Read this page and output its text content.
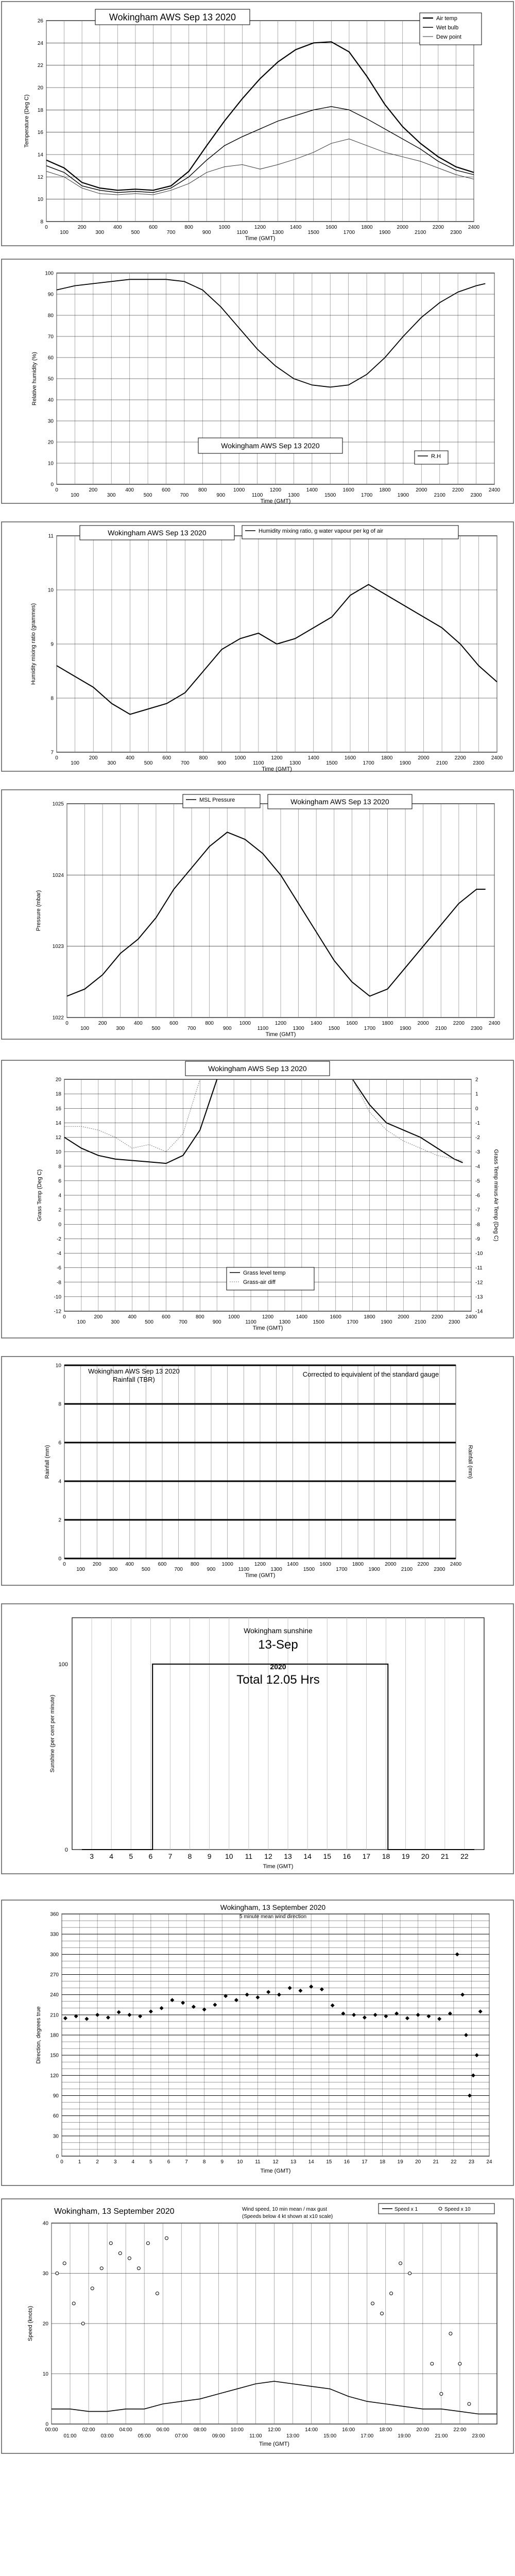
0
100
200
300
400
500
600
700
800
900
1000
1100
1200
1300
1400
1500
1600
1700
1800
1900
2000
2100
2200
2300
2400
8
10
12
14
16
18
20
22
24
26	Wokingham AWS Sep 13 2020	Air temp
Wet bulb
Dew point
Time (GMT)
Temperature (Deg C)
0
100
200
300
400
500
600
700
800
900
1000
1100
1200
1300
1400
1500
1600
1700
1800
1900
2000
2100
2200
2300
2400
0
10
20
30
40
50
60
70
80
90
100
Wokingham AWS Sep 13 2020
R.H
Time (GMT)
Relative humidity (%)
0
100
200
300
400
500
600
700
800
900
1000
1100
1200
1300
1400
1500
1600
1700
1800
1900
2000
2100
2200
2300
2400
7
8
9
10
11	Wokingham AWS Sep 13 2020	Humidity mixing ratio, g water vapour per kg of air
Time (GMT)
Humidity mixing ratio (grammes)
0
100
200
300
400
500
600
700
800
900
1000
1100
1200
1300
1400
1500
1600
1700
1800
1900
2000
2100
2200
2300
2400
1022
1023
1024
1025
MSL Pressure	Wokingham AWS Sep 13 2020
Time (GMT)
Pressure (mbar)
0
100
200
300
400
500
600
700
800
900
1000
1100
1200
1300
1400
1500
1600
1700
1800
1900
2000
2100
2200
2300
2400
-12
-10
-8
-6
-4
-2
0
2
4
6
8
10
12
14
16
18
20
-14
-13
-12
-11
-10
-9
-8
-7
-6
-5
-4
-3
-2
-1
0
1
2
Wokingham AWS Sep 13 2020
Grass level temp
Grass-air diff
Time (GMT)
Grass Temp (Deg C)	Grass Temp minus Air Temp (Deg C)
0
100
200
300
400
500
600
700
800
900
1000
1100
1200
1300
1400
1500
1600
1700
1800
1900
2000
2100
2200
2300
2400
0
2
4
6
8
10
Wokingham AWS Sep 13 2020
Rainfall (TBR)
Corrected to equivalent of the standard gauge
Time (GMT)
Rainfall (mm)	Rainfall (mm)
3 4 5 6 7 8 9 10 11 12 13 14 15 16 17 18 19 20 21 22
0
100
Wokingham sunshine
13-Sep
2020
Total 12.05 Hrs
Time (GMT)
Sunshine (per cent per minute)
0	1	2	3	4	5	6	7	8	9	10 11 12 13 14 15 16 17 18 19 20 21 22 23 24
0
30
60
90
120
150
180
210
240
270
300
330
360
Wokingham, 13 September 2020
5 minute mean wind direction
Time (GMT)
Direction, degrees true
00:00
01:00
02:00
03:00
04:00
05:00
06:00
07:00
08:00
09:00
10:00
11:00
12:00
13:00
14:00
15:00
16:00
17:00
18:00
19:00
20:00
21:00
22:00
23:00
0
10
20
30
40
Wokingham, 13 September 2020	Wind speed, 10 min mean / max gust
(Speeds below 4 kt shown at x10 scale)
Speed x 1	Speed x 10
Time (GMT)
Speed (knots)
